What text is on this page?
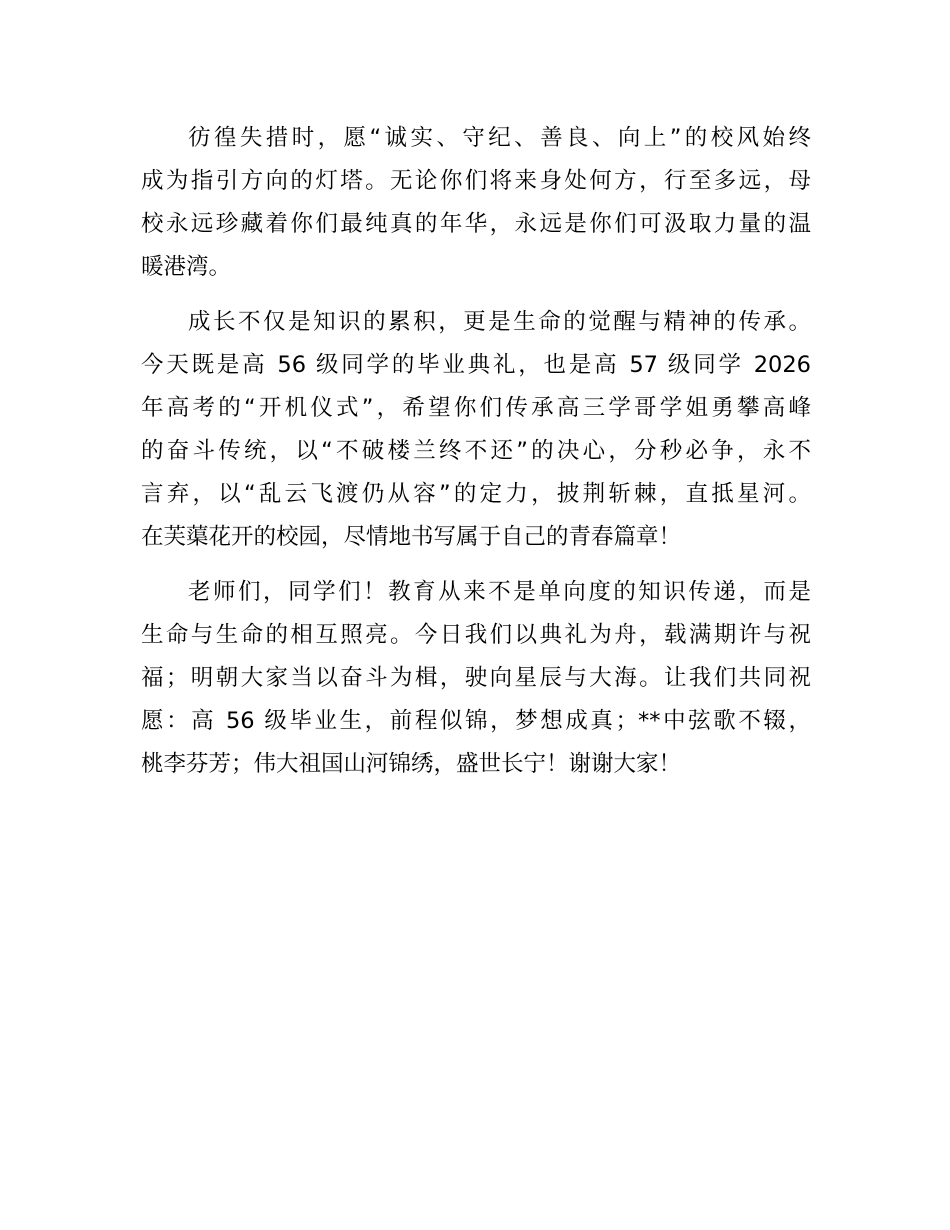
彷徨失措时，愿“诚实、守纪、善良、向上”的校风始终
成为指引方向的灯塔。无论你们将来身处何方，行至多远，母
校永远珍藏着你们最纯真的年华，永远是你们可汲取力量的温
暖港湾。
成长不仅是知识的累积，更是生命的觉醒与精神的传承。
今天既是高 56 级同学的毕业典礼，也是高 57 级同学 2026
年高考的“开机仪式”，希望你们传承高三学哥学姐勇攀高峰
的奋斗传统，以“不破楼兰终不还”的决心，分秒必争，永不
言弃，以“乱云飞渡仍从容”的定力，披荆斩棘，直抵星河。
在芙蕖花开的校园，尽情地书写属于自己的青春篇章！
老师们，同学们！教育从来不是单向度的知识传递，而是
生命与生命的相互照亮。今日我们以典礼为舟，载满期许与祝
福；明朝大家当以奋斗为楫，驶向星辰与大海。让我们共同祝
愿：高 56 级毕业生，前程似锦，梦想成真；**中弦歌不辍，
桃李芬芳；伟大祖国山河锦绣，盛世长宁！谢谢大家！
